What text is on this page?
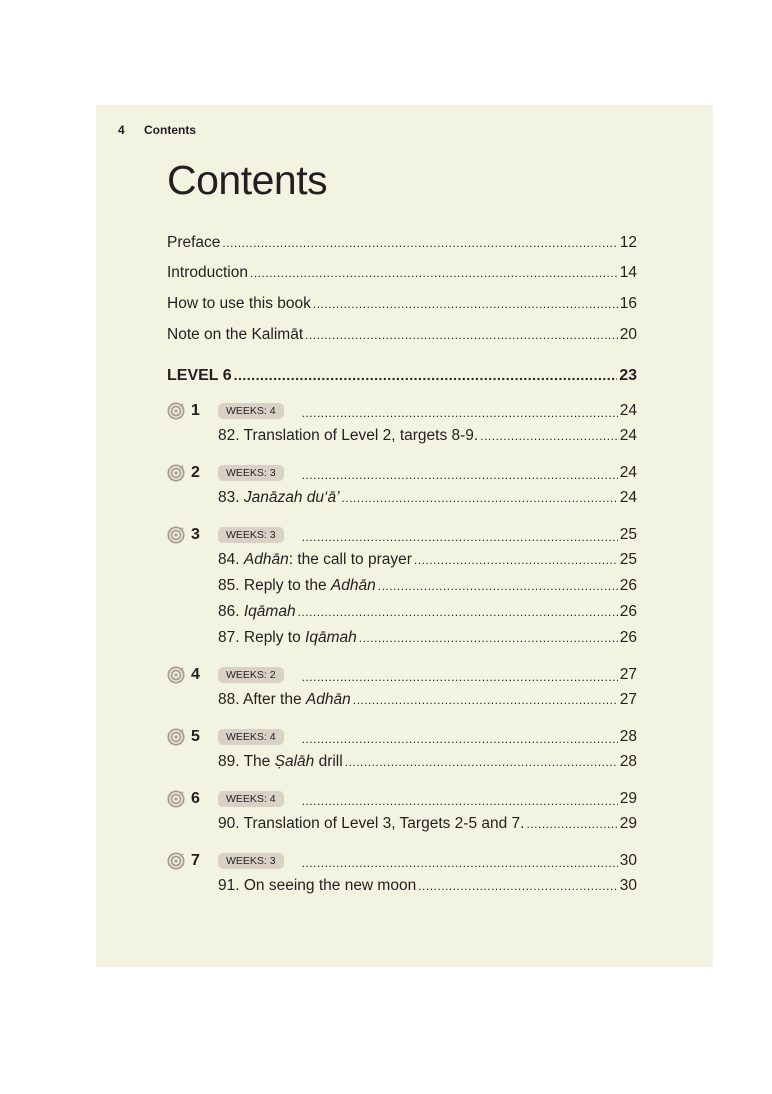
4 Contents
Contents
Preface .....	12
Introduction .....	14
How to use this book .....	16
Note on the Kalimāt .....	20
LEVEL 6 .....	23
1	WEEKS: 4 .....	24
82. Translation of Level 2, targets 8-9. .....	24
2	WEEKS: 3 .....	24
83. Janāzah du‘ā’ .....	24
3	WEEKS: 3 .....	25
84. Adhān: the call to prayer .....	25
85. Reply to the Adhān .....	26
86. Iqāmah .....	26
87. Reply to Iqāmah .....	26
4	WEEKS: 2 .....	27
88. After the Adhān .....	27
5	WEEKS: 4 .....	28
89. The Ṣalāh drill .....	28
6	WEEKS: 4 .....	29
90. Translation of Level 3, Targets 2-5 and 7. .....	29
7	WEEKS: 3 .....	30
91. On seeing the new moon .....	30
